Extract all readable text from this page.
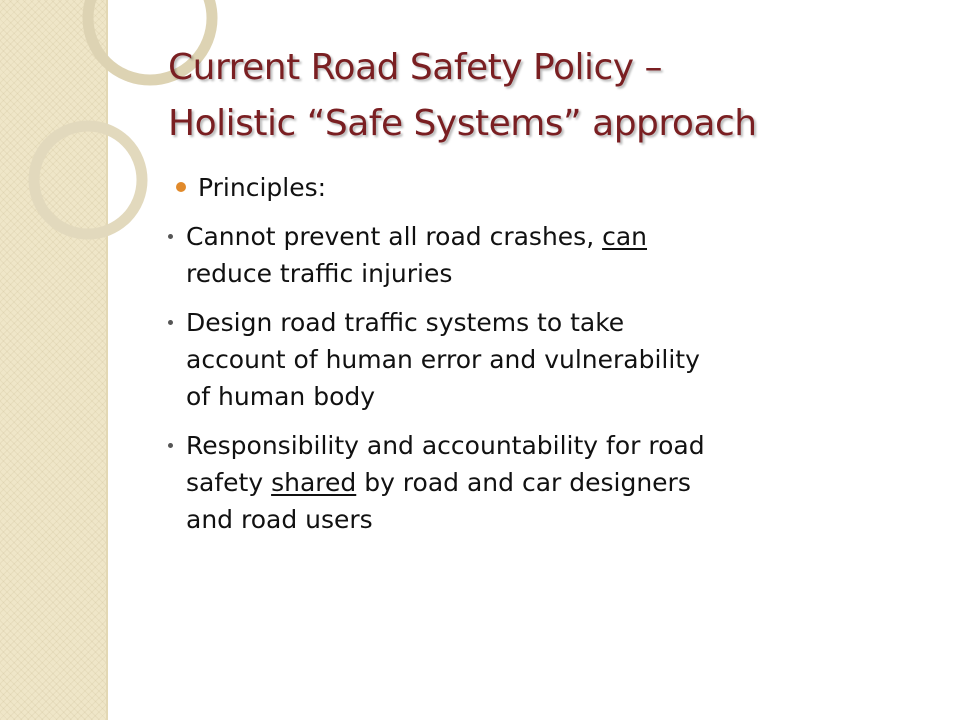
Current Road Safety Policy –
Holistic “Safe Systems” approach
Principles:
Cannot prevent all road crashes, can
reduce traffic injuries
Design road traffic systems to take
account of human error and vulnerability
of human body
Responsibility and accountability for road
safety shared by road and car designers
and road users
